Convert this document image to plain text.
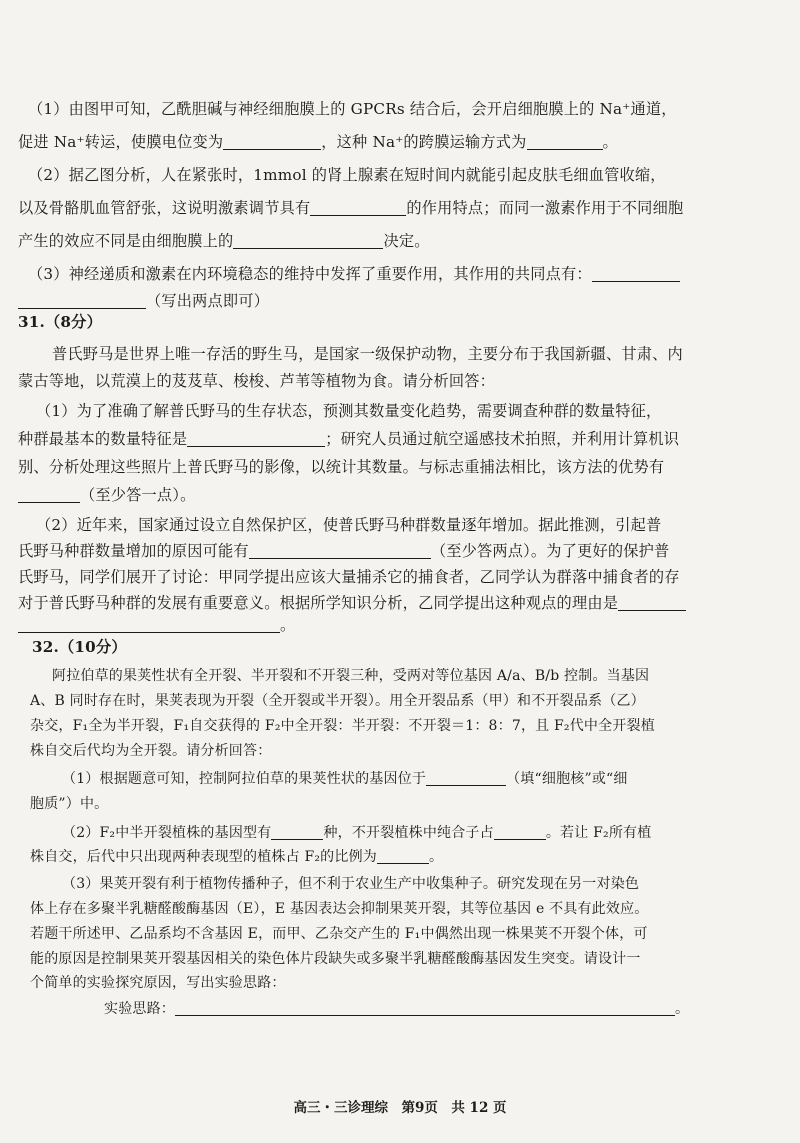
（1）由图甲可知，乙酰胆碱与神经细胞膜上的 GPCRs 结合后，会开启细胞膜上的 Na⁺通道，
促进 Na⁺转运，使膜电位变为	，这种 Na⁺的跨膜运输方式为	。
（2）据乙图分析，人在紧张时，1mmol 的肾上腺素在短时间内就能引起皮肤毛细血管收缩，
以及骨骼肌血管舒张，这说明激素调节具有	的作用特点；而同一激素作用于不同细胞
产生的效应不同是由细胞膜上的	决定。
（3）神经递质和激素在内环境稳态的维持中发挥了重要作用，其作用的共同点有：
（写出两点即可）
31.（8分）
普氏野马是世界上唯一存活的野生马，是国家一级保护动物，主要分布于我国新疆、甘肃、内
蒙古等地，以荒漠上的芨芨草、梭梭、芦苇等植物为食。请分析回答：
（1）为了准确了解普氏野马的生存状态，预测其数量变化趋势，需要调查种群的数量特征，
种群最基本的数量特征是	；研究人员通过航空遥感技术拍照，并利用计算机识
别、分析处理这些照片上普氏野马的影像，以统计其数量。与标志重捕法相比，该方法的优势有
（至少答一点）。
（2）近年来，国家通过设立自然保护区，使普氏野马种群数量逐年增加。据此推测，引起普
氏野马种群数量增加的原因可能有	（至少答两点）。为了更好的保护普
氏野马，同学们展开了讨论：甲同学提出应该大量捕杀它的捕食者，乙同学认为群落中捕食者的存
对于普氏野马种群的发展有重要意义。根据所学知识分析，乙同学提出这种观点的理由是
。
32.（10分）
阿拉伯草的果荚性状有全开裂、半开裂和不开裂三种，受两对等位基因 A/a、B/b 控制。当基因
A、B 同时存在时，果荚表现为开裂（全开裂或半开裂）。用全开裂品系（甲）和不开裂品系（乙）
杂交，F₁全为半开裂，F₁自交获得的 F₂中全开裂：半开裂：不开裂＝1：8：7，且 F₂代中全开裂植
株自交后代均为全开裂。请分析回答：
（1）根据题意可知，控制阿拉伯草的果荚性状的基因位于	（填“细胞核”或“细
胞质”）中。
（2）F₂中半开裂植株的基因型有	种，不开裂植株中纯合子占	。若让 F₂所有植
株自交，后代中只出现两种表现型的植株占 F₂的比例为	。
（3）果荚开裂有利于植物传播种子，但不利于农业生产中收集种子。研究发现在另一对染色
体上存在多聚半乳糖醛酸酶基因（E），E 基因表达会抑制果荚开裂，其等位基因 e 不具有此效应。
若题干所述甲、乙品系均不含基因 E，而甲、乙杂交产生的 F₁中偶然出现一株果荚不开裂个体，可
能的原因是控制果荚开裂基因相关的染色体片段缺失或多聚半乳糖醛酸酶基因发生突变。请设计一
个简单的实验探究原因，写出实验思路：
实验思路：	。
高三・三诊理综　第9页　共 12 页
